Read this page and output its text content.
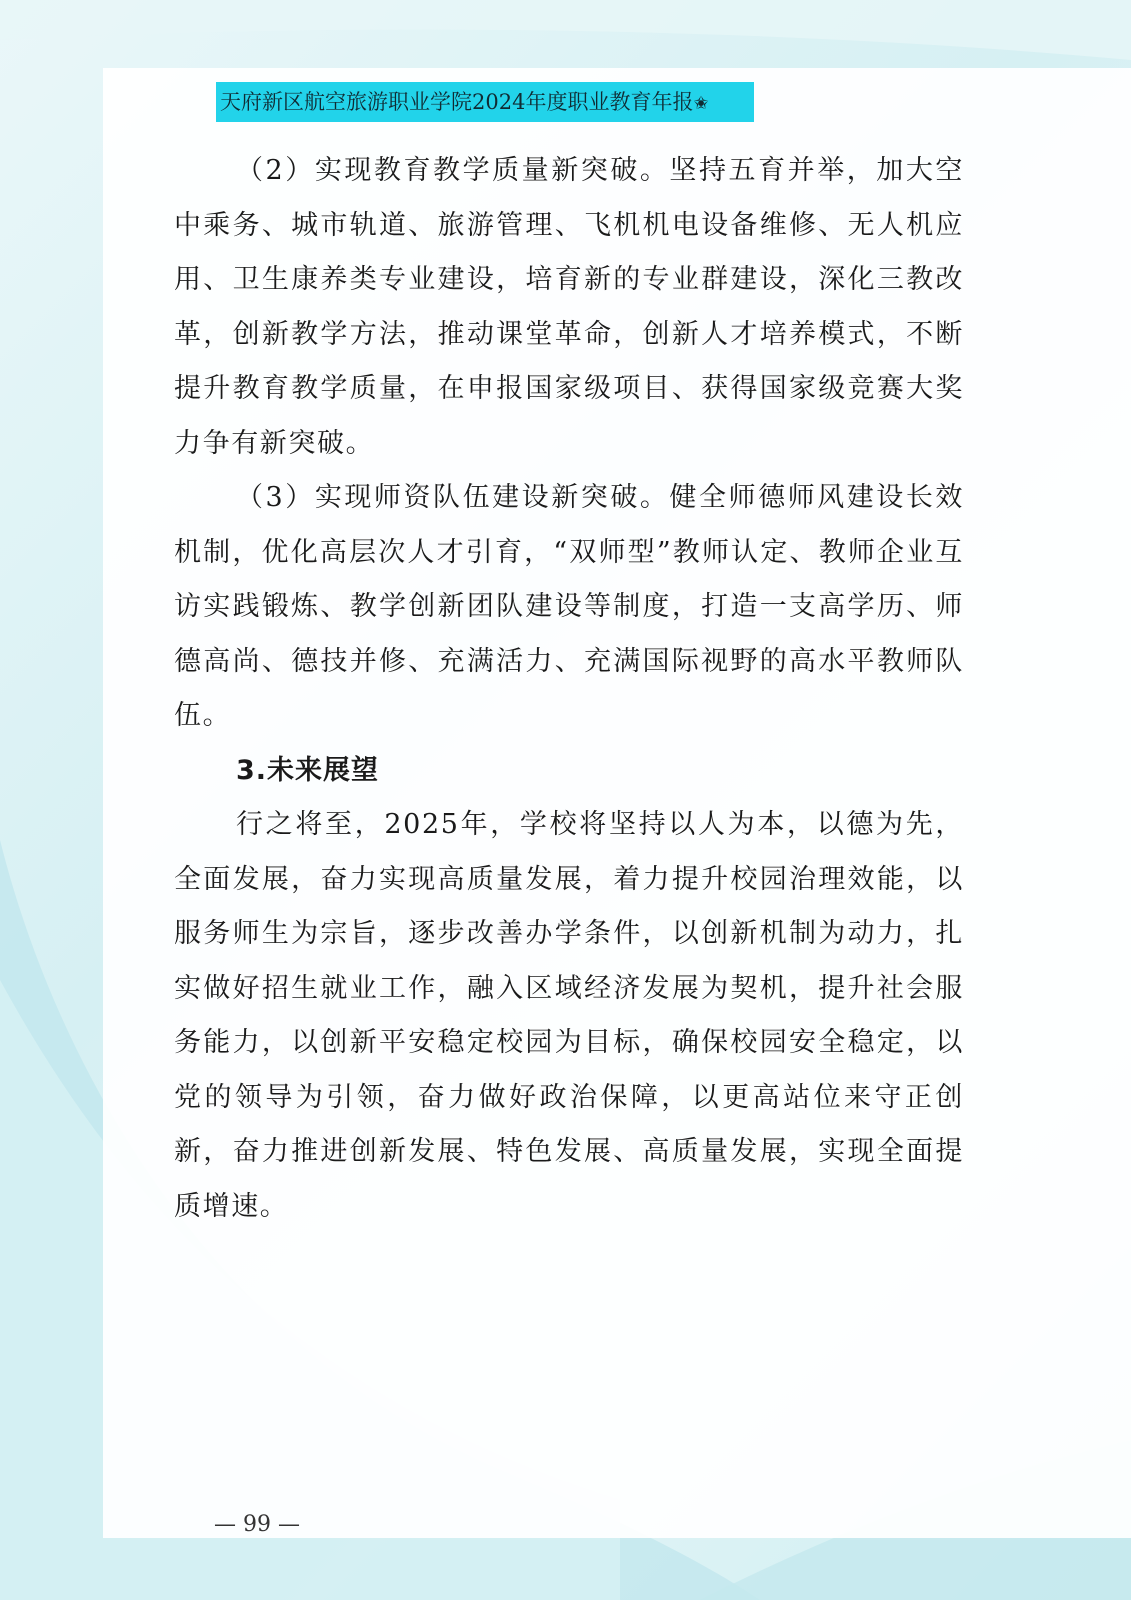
天府新区航空旅游职业学院2024年度职业教育年报✬

（2）实现教育教学质量新突破。坚持五育并举，加大空中乘务、城市轨道、旅游管理、飞机机电设备维修、无人机应用、卫生康养类专业建设，培育新的专业群建设，深化三教改革，创新教学方法，推动课堂革命，创新人才培养模式，不断提升教育教学质量，在申报国家级项目、获得国家级竞赛大奖力争有新突破。

（3）实现师资队伍建设新突破。健全师德师风建设长效机制，优化高层次人才引育，“双师型”教师认定、教师企业互访实践锻炼、教学创新团队建设等制度，打造一支高学历、师德高尚、德技并修、充满活力、充满国际视野的高水平教师队伍。

3.未来展望

行之将至，2025年，学校将坚持以人为本，以德为先，全面发展，奋力实现高质量发展，着力提升校园治理效能，以服务师生为宗旨，逐步改善办学条件，以创新机制为动力，扎实做好招生就业工作，融入区域经济发展为契机，提升社会服务能力，以创新平安稳定校园为目标，确保校园安全稳定，以党的领导为引领，奋力做好政治保障，以更高站位来守正创新，奋力推进创新发展、特色发展、高质量发展，实现全面提质增速。

— 99 —
